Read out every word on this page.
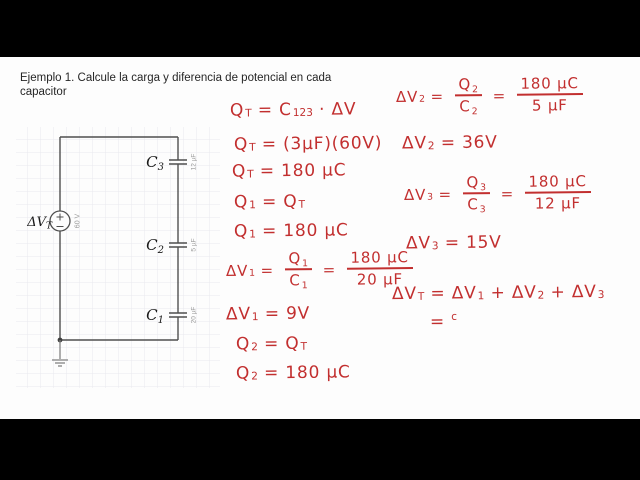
Ejemplo 1. Calcule la carga y diferencia de potencial en cada capacitor
ΔVT	60 V
$C_3$	12 µF
$C_2$	5 µF
$C_1$	20 µF
Q T = C 123 · ΔV
Q T = (3µF)(60V)
Q T = 180 µC
Q 1 = Q T
Q 1 = 180 µC
ΔV $1 = \frac{Q1}{C1} = \frac{\text{180 µC}}{\text{20 µF}}$
ΔV 1 = 9V
Q 2 = Q T
Q 2 = 180 µC
ΔV $2 = \frac{Q2}{C2} = \frac{\text{180 µC}}{\text{5 µF}}$
ΔV 2 = 36V
ΔV $3 = \frac{Q3}{C3} = \frac{\text{180 µC}}{\text{12 µF}}$
ΔV 3 = 15V
ΔV T = ΔV 1 + ΔV 2 + ΔV 3
= c
